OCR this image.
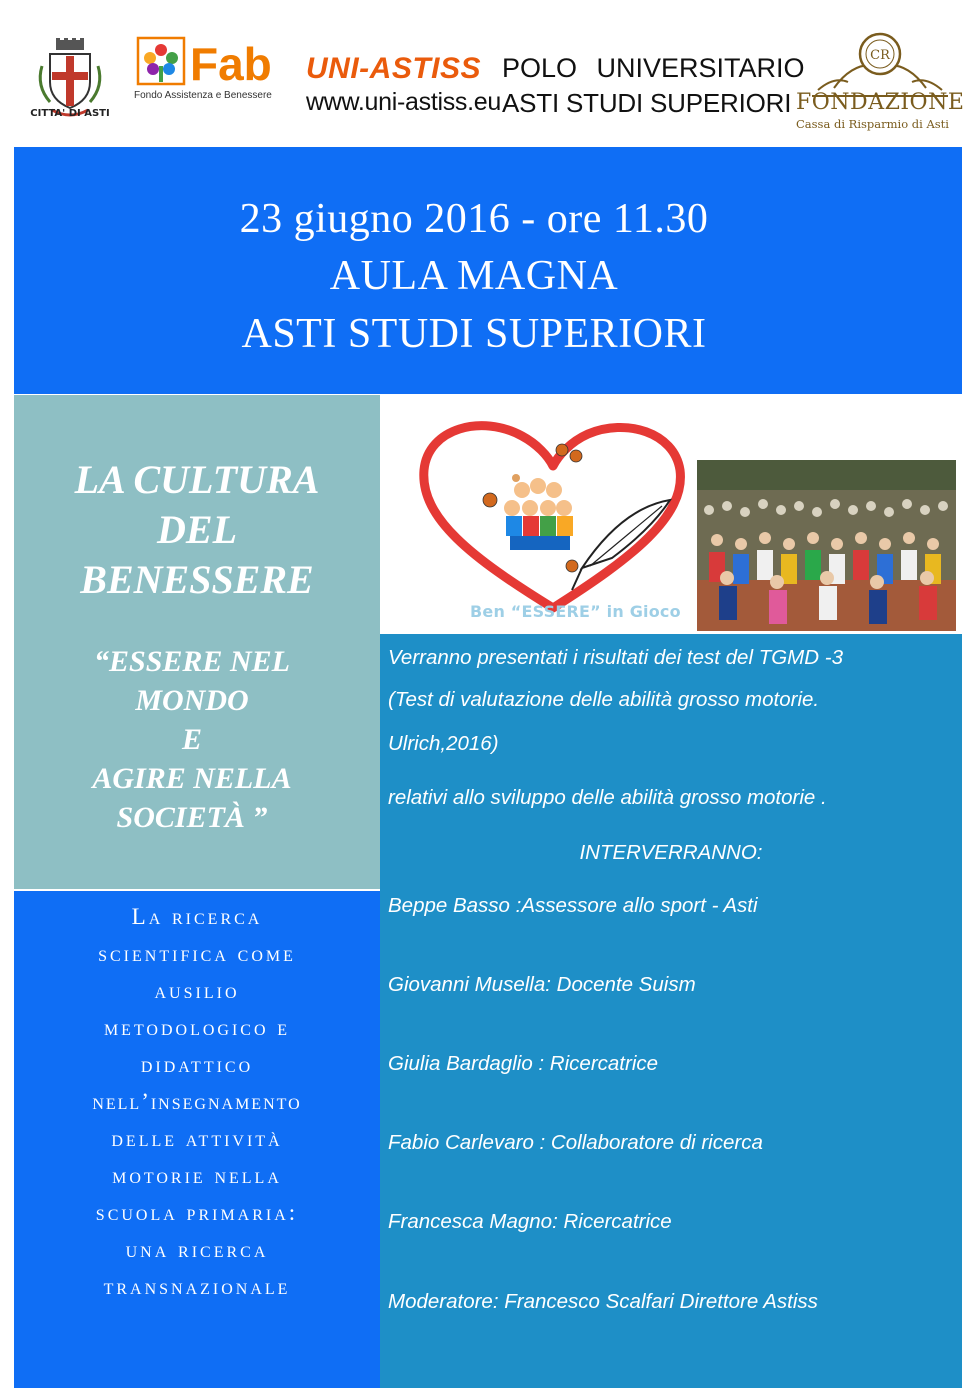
CITTA' DI ASTI
Fab
Fondo Assistenza e Benessere
UNI-ASTISS
www.uni-astiss.eu
POLO UNIVERSITARIO
ASTI STUDI SUPERIORI
CR
FONDAZIONE
Cassa di Risparmio di Asti
23 giugno 2016 - ore 11.30
AULA MAGNA
ASTI STUDI SUPERIORI
LA CULTURA
DEL
BENESSERE
“ESSERE NEL
MONDO
E
AGIRE NELLA
SOCIETÀ ”
La ricerca
scientifica come
ausilio
metodologico e
didattico
nell’insegnamento
delle attività
motorie nella
scuola primaria:
una ricerca
transnazionale
Ben “ESSERE” in Gioco
Verranno presentati i risultati dei test del TGMD -3
(Test di valutazione delle abilità grosso motorie.
Ulrich,2016)
relativi allo sviluppo delle abilità grosso motorie .
INTERVERRANNO:
Beppe Basso :Assessore allo sport - Asti
Giovanni Musella: Docente Suism
Giulia Bardaglio : Ricercatrice
Fabio Carlevaro : Collaboratore di ricerca
Francesca Magno: Ricercatrice
Moderatore: Francesco Scalfari Direttore Astiss
